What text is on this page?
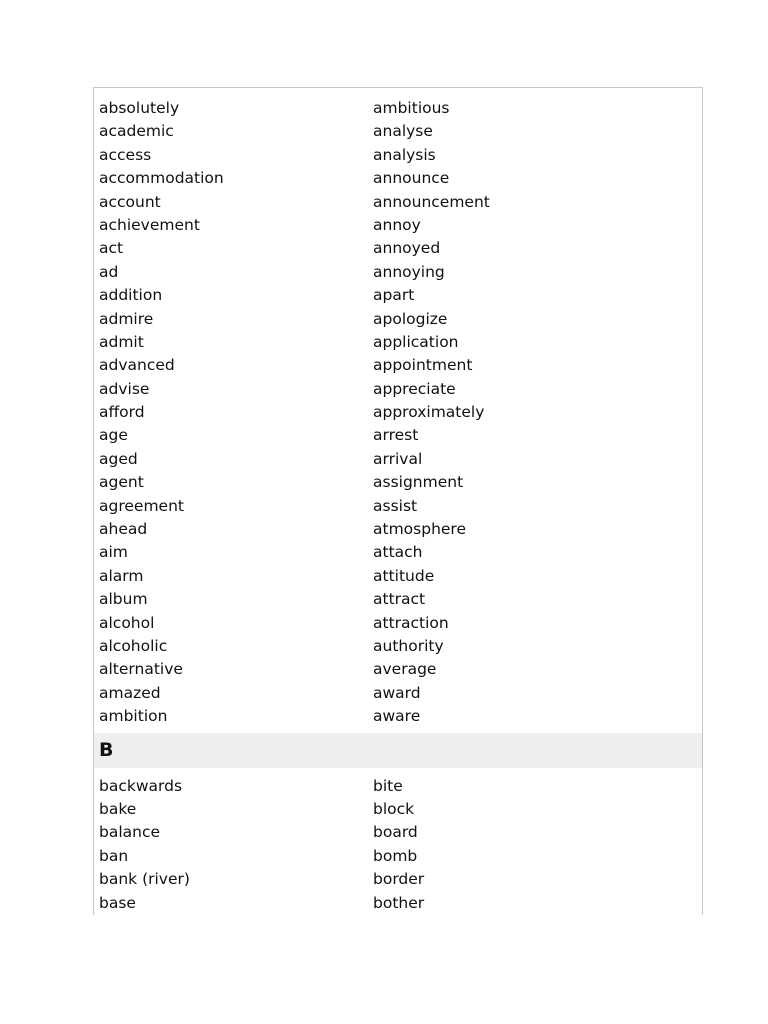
absolutely	ambitious
academic	analyse
access	analysis
accommodation	announce
account	announcement
achievement	annoy
act	annoyed
ad	annoying
addition	apart
admire	apologize
admit	application
advanced	appointment
advise	appreciate
afford	approximately
age	arrest
aged	arrival
agent	assignment
agreement	assist
ahead	atmosphere
aim	attach
alarm	attitude
album	attract
alcohol	attraction
alcoholic	authority
alternative	average
amazed	award
ambition	aware
B
backwards	bite
bake	block
balance	board
ban	bomb
bank (river)	border
base	bother
